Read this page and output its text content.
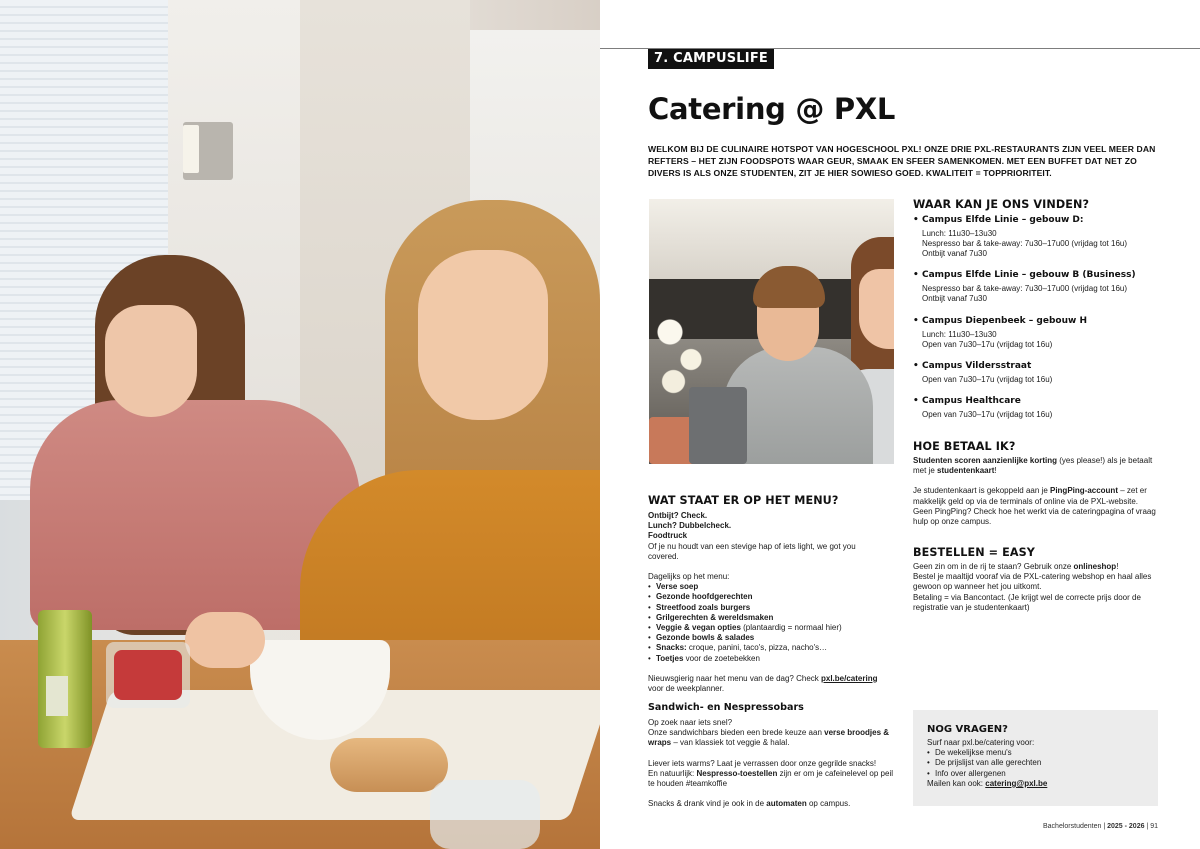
7. CAMPUSLIFE
Catering @ PXL
WELKOM BIJ DE CULINAIRE HOTSPOT VAN HOGESCHOOL PXL! ONZE DRIE PXL-RESTAURANTS ZIJN VEEL MEER DAN REFTERS – HET ZIJN FOODSPOTS WAAR GEUR, SMAAK EN SFEER SAMENKOMEN. MET EEN BUFFET DAT NET ZO DIVERS IS ALS ONZE STUDENTEN, ZIT JE HIER SOWIESO GOED. KWALITEIT = TOPPRIORITEIT.
WAT STAAT ER OP HET MENU?
Ontbijt? Check.
Lunch? Dubbelcheck.
Foodtruck
Of je nu houdt van een stevige hap of iets light, we got you covered.
Dagelijks op het menu:
• Verse soep
• Gezonde hoofdgerechten
• Streetfood zoals burgers
• Grilgerechten & wereldsmaken
• Veggie & vegan opties (plantaardig = normaal hier)
• Gezonde bowls & salades
• Snacks: croque, panini, taco's, pizza, nacho's…
• Toetjes voor de zoetebekken
Nieuwsgierig naar het menu van de dag? Check pxl.be/catering voor de weekplanner.
Sandwich- en Nespressobars
Op zoek naar iets snel?
Onze sandwichbars bieden een brede keuze aan verse broodjes & wraps – van klassiek tot veggie & halal.
Liever iets warms? Laat je verrassen door onze gegrilde snacks!
En natuurlijk: Nespresso-toestellen zijn er om je cafeinelevel op peil te houden #teamkoffie
Snacks & drank vind je ook in de automaten op campus.
WAAR KAN JE ONS VINDEN?
• Campus Elfde Linie – gebouw D:
Lunch: 11u30–13u30
Nespresso bar & take-away: 7u30–17u00 (vrijdag tot 16u)
Ontbijt vanaf 7u30
• Campus Elfde Linie – gebouw B (Business)
Nespresso bar & take-away: 7u30–17u00 (vrijdag tot 16u)
Ontbijt vanaf 7u30
• Campus Diepenbeek – gebouw H
Lunch: 11u30–13u30
Open van 7u30–17u (vrijdag tot 16u)
• Campus Vildersstraat
Open van 7u30–17u (vrijdag tot 16u)
• Campus Healthcare
Open van 7u30–17u (vrijdag tot 16u)
HOE BETAAL IK?
Studenten scoren aanzienlijke korting (yes please!) als je betaalt met je studentenkaart!
Je studentenkaart is gekoppeld aan je PingPing-account – zet er makkelijk geld op via de terminals of online via de PXL-website. Geen PingPing? Check hoe het werkt via de cateringpagina of vraag hulp op onze campus.
BESTELLEN = EASY
Geen zin om in de rij te staan? Gebruik onze onlineshop!
Bestel je maaltijd vooraf via de PXL-catering webshop en haal alles gewoon op wanneer het jou uitkomt.
Betaling = via Bancontact. (Je krijgt wel de correcte prijs door de registratie van je studentenkaart)
NOG VRAGEN?
Surf naar pxl.be/catering voor:
• De wekelijkse menu's
• De prijslijst van alle gerechten
• Info over allergenen
Mailen kan ook: catering@pxl.be
Bachelorstudenten | 2025 - 2026 | 91
